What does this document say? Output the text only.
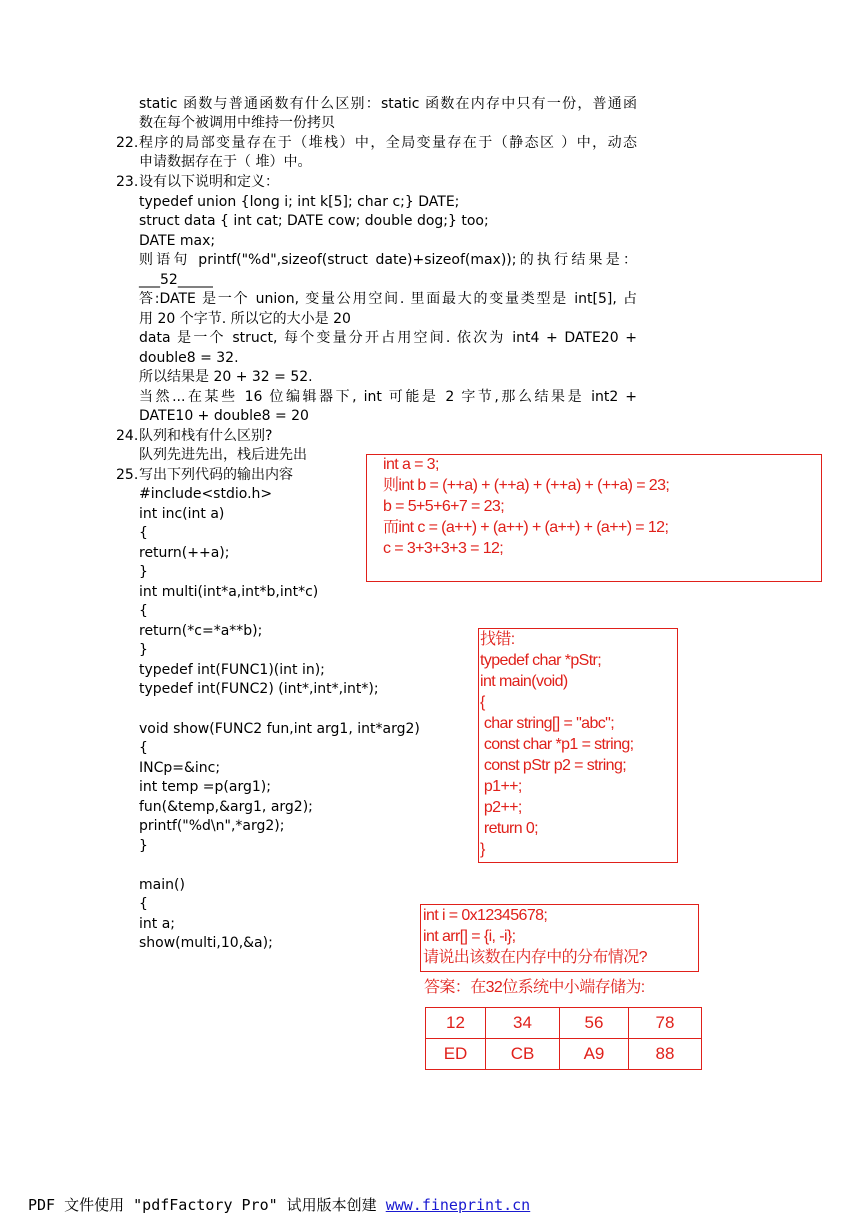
static 函数与普通函数有什么区别：static 函数在内存中只有一份，普通函
数在每个被调用中维持一份拷贝
22. 程序的局部变量存在于（堆栈）中，全局变量存在于（静态区 ）中，动态
申请数据存在于（ 堆）中。
23. 设有以下说明和定义：
typedef union {long i; int k[5]; char c;} DATE;
struct data { int cat; DATE cow; double dog;} too;
DATE max;
则语句 printf("%d",sizeof(struct date)+sizeof(max));的执行结果是：
___52_____
答:DATE 是一个 union, 变量公用空间. 里面最大的变量类型是 int[5], 占
用 20 个字节. 所以它的大小是 20
data 是一个 struct, 每个变量分开占用空间. 依次为 int4 + DATE20 +
double8 = 32.
所以结果是 20 + 32 = 52.
当然...在某些 16 位编辑器下, int 可能是 2 字节,那么结果是 int2 +
DATE10 + double8 = 20
24. 队列和栈有什么区别?
队列先进先出，栈后进先出
25. 写出下列代码的输出内容
#include<stdio.h>
int inc(int a)
{
return(++a);
}
int multi(int*a,int*b,int*c)
{
return(*c=*a**b);
}
typedef int(FUNC1)(int in);
typedef int(FUNC2) (int*,int*,int*);
void show(FUNC2 fun,int arg1, int*arg2)
{
INCp=&inc;
int temp =p(arg1);
fun(&temp,&arg1, arg2);
printf("%d\n",*arg2);
}
main()
{
int a;
show(multi,10,&a);
int a = 3;
则int b = (++a) + (++a) + (++a) + (++a) = 23;
b = 5+5+6+7 = 23;
而int c = (a++) + (a++) + (a++) + (a++) = 12;
c = 3+3+3+3 = 12;
找错:
typedef char *pStr;
int main(void)
{
char string[] = "abc";
const char *p1 = string;
const pStr p2 = string;
p1++;
p2++;
return 0;
}
int i = 0x12345678;
int arr[] = {i, -i};
请说出该数在内存中的分布情况?
答案：在32位系统中小端存储为:
12	34	56	78
ED	CB	A9	88
PDF 文件使用 "pdfFactory Pro" 试用版本创建 www.fineprint.cn
